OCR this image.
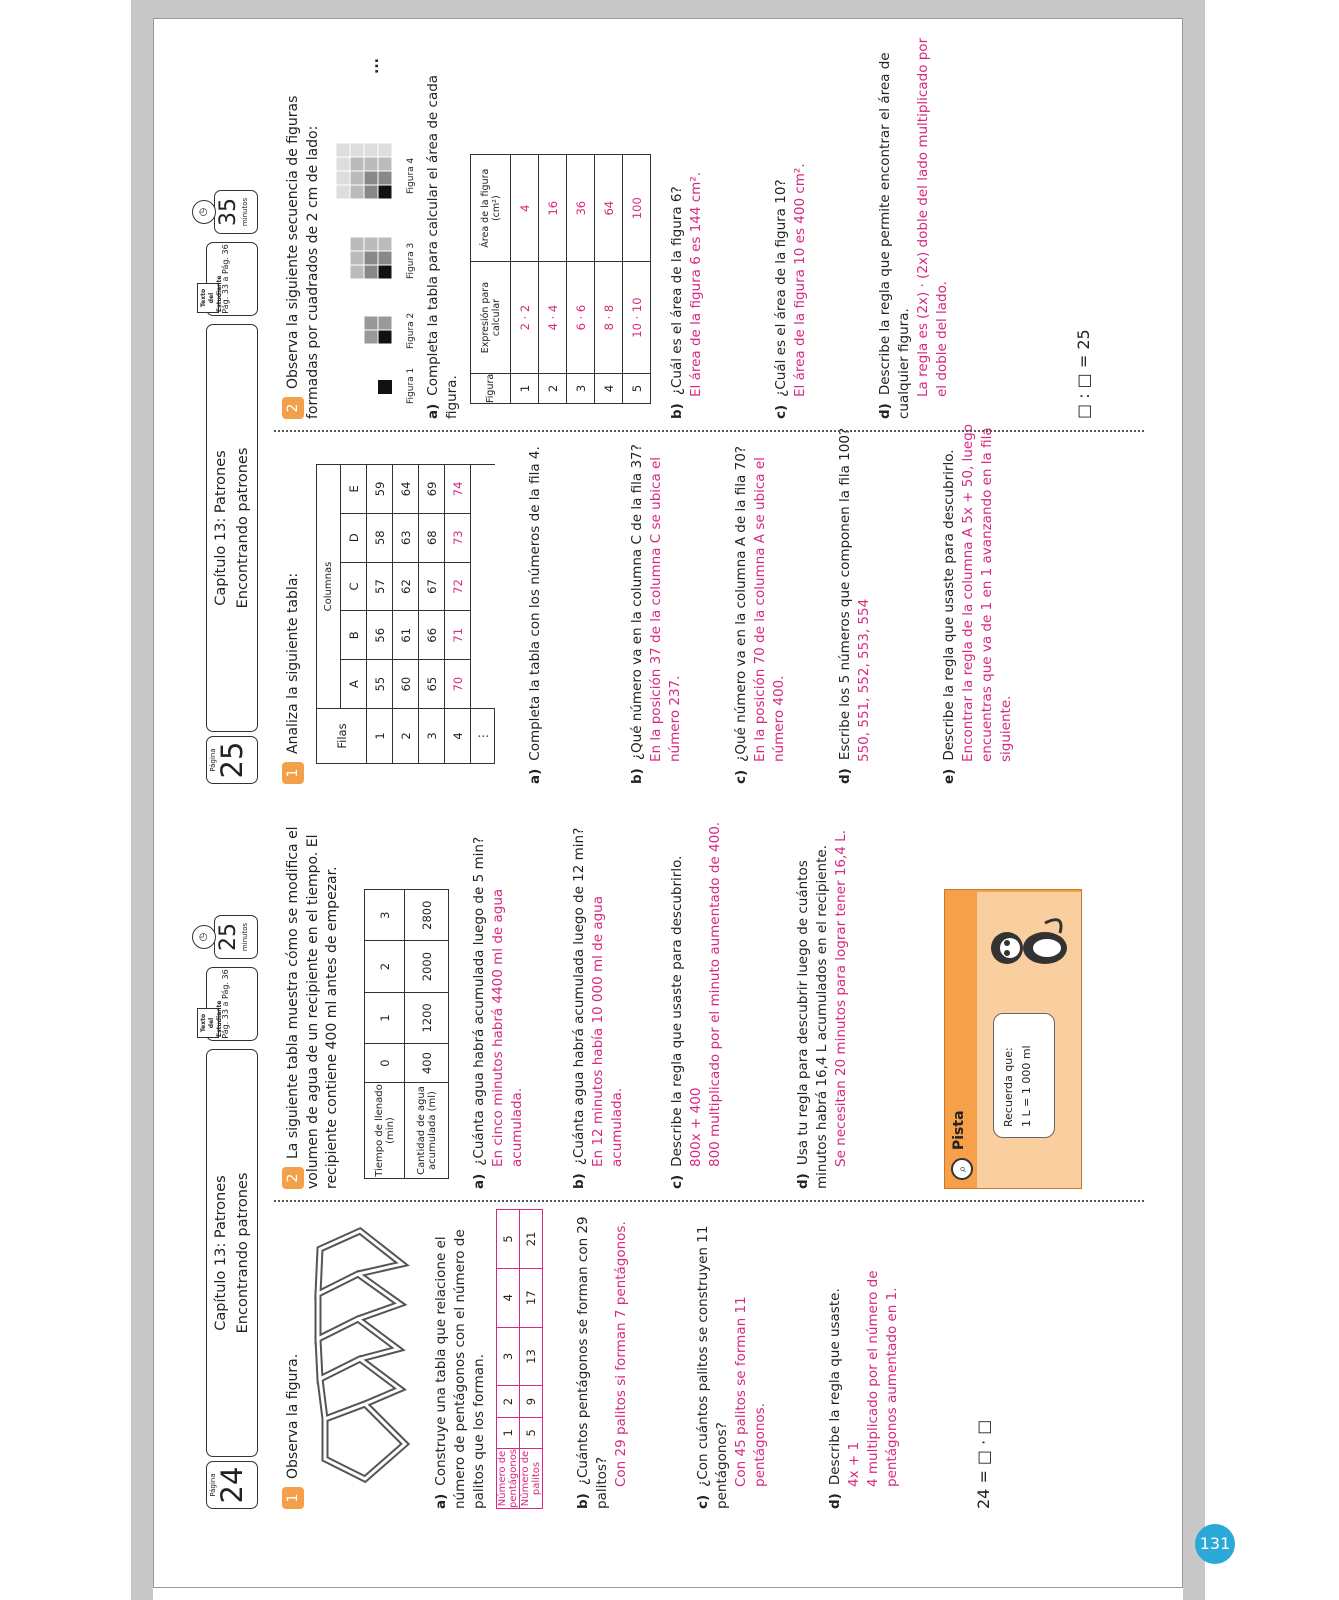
Página
24
Capítulo 13: Patrones Encontrando patrones
Texto del Estudiante
Pág. 33 a Pág. 36
25 minutos
◷
1Observa la figura.
a)Construye una tabla que relacione el número de pentágonos con el número de palitos que los forman. Número de pentágonos	1	2	3	4	5
Número de palitos	5	9	13	17	21
b)¿Cuántos pentágonos se forman con 29 palitos? Con 29 palitos si forman 7 pentágonos.
c)¿Con cuántos palitos se construyen 11 pentágonos? Con 45 palitos se forman 11 pentágonos.
d)Describe la regla que usaste. 4x + 1 4 multiplicado por el número de pentágonos aumentado en 1.	24 = □ · □
2La siguiente tabla muestra cómo se modifica el volumen de agua de un recipiente en el tiempo. El recipiente contiene 400 ml antes de empezar.	Tiempo de llenado (min)	0	1	2	3
Cantidad de agua acumulada (ml)	400	1200	2000	2800
a)¿Cuánta agua habrá acumulada luego de 5 min? En cinco minutos habrá 4400 ml de agua acumulada.
b)¿Cuánta agua habrá acumulada luego de 12 min? En 12 minutos había 10 000 ml de agua acumulada.
c)Describe la regla que usaste para descubrirlo. 800x + 400 800 multiplicado por el minuto aumentado de 400.
d)Usa tu regla para descubrir luego de cuántos minutos habrá 16,4 L acumulados en el recipiente. Se necesitan 20 minutos para lograr tener 16,4 L.
⌕
Pista
Recuerda que: 1 L = 1 000 ml
Página
25
Capítulo 13: Patrones Encontrando patrones
Texto del Estudiante
Pág. 33 a Pág. 36
35 minutos
◷
1Analiza la siguiente tabla:	Filas	Columnas				
	A	B	C	D	E
1	55	56	57	58	59
2	60	61	62	63	64
3	65	66	67	68	69
4	70	71	72	73	74
⋮					
a)Completa la tabla con los números de la fila 4.
b)¿Qué número va en la columna C de la fila 37? En la posición 37 de la columna C se ubica el número 237.
c)¿Qué número va en la columna A de la fila 70? En la posición 70 de la columna A se ubica el número 400.
d)Escribe los 5 números que componen la fila 100? 550, 551, 552, 553, 554
e)Describe la regla que usaste para descubrirlo. Encontrar la regla de la columna A 5x + 50, luego encuentras que va de 1 en 1 avanzando en la fila siguiente.
2Observa la siguiente secuencia de figuras formadas por cuadrados de 2 cm de lado:	Figura 1
Figura 2
Figura 3
Figura 4
...
a)Completa la tabla para calcular el área de cada figura.	Figura	Expresión para calcular	Área de la figura (cm²)
1	2 · 2	4
2	4 · 4	16
3	6 · 6	36
4	8 · 8	64
5	10 · 10	100
b)¿Cuál es el área de la figura 6? El área de la figura 6 es 144 cm².
c)¿Cuál es el área de la figura 10? El área de la figura 10 es 400 cm².
d)Describe la regla que permite encontrar el área de cualquier figura. La regla es (2x) · (2x) doble del lado multiplicado por el doble del lado.	□ : □ = 25
131
